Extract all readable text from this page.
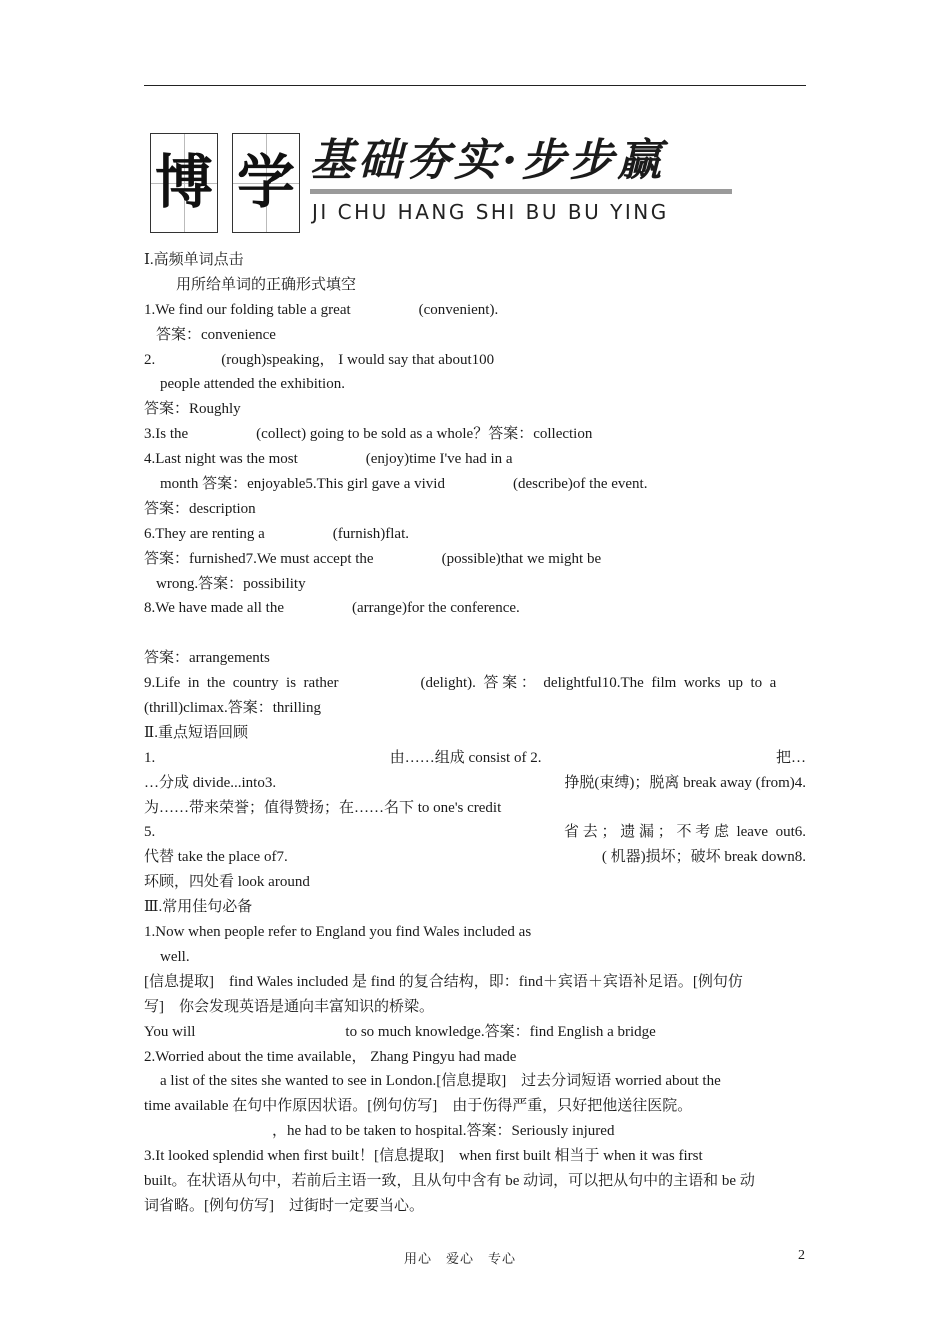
博 学 基础夯实·步步赢
JI CHU HANG SHI BU BU YING
Ⅰ.高频单词点击
用所给单词的正确形式填空
1.We find our folding table a great	(convenient).
答案：convenience
2.	(rough)speaking， I would say that about100
people attended the exhibition.
答案：Roughly
3.Is the	(collect) going to be sold as a whole？答案：collection
4.Last night was the most	(enjoy)time I've had in a
month 答案：enjoyable5.This girl gave a vivid	(describe)of the event.
答案：description
6.They are renting a	(furnish)flat.
答案：furnished7.We must accept the	(possible)that we might be
wrong.答案：possibility
8.We have made all the	(arrange)for the conference.
答案：arrangements
9.Life  in  the  country  is  rather	(delight).  答 案 ：  delightful10.The  film  works  up  to  a
(thrill)climax.答案：thrilling
Ⅱ.重点短语回顾
1.	由……组成 consist of 2.	把…
…分成 divide...into3.	挣脱(束缚)；脱离 break away (from)4.
为……带来荣誉；值得赞扬；在……名下 to one's credit
5.	省 去 ； 遗 漏 ； 不 考 虑  leave  out6.
代替 take the place of7.	( 机器)损坏；破坏 break down8.
环顾，四处看 look around
Ⅲ.常用佳句必备
1.Now when people refer to England you find Wales included as
well.
[信息提取]　find Wales included 是 find 的复合结构，即：find＋宾语＋宾语补足语。[例句仿
写]　你会发现英语是通向丰富知识的桥梁。
You will	to so much knowledge.答案：find English a bridge
2.Worried about the time available， Zhang Pingyu had made
a list of the sites she wanted to see in London.[信息提取]　过去分词短语 worried about the
time available 在句中作原因状语。[例句仿写]　由于伤得严重，只好把他送往医院。
，he had to be taken to hospital.答案：Seriously injured
3.It looked splendid when first built！[信息提取]　when first built 相当于 when it was first
built。在状语从句中，若前后主语一致，且从句中含有 be 动词，可以把从句中的主语和 be 动
词省略。[例句仿写]　过街时一定要当心。
用心　爱心　专心	2
